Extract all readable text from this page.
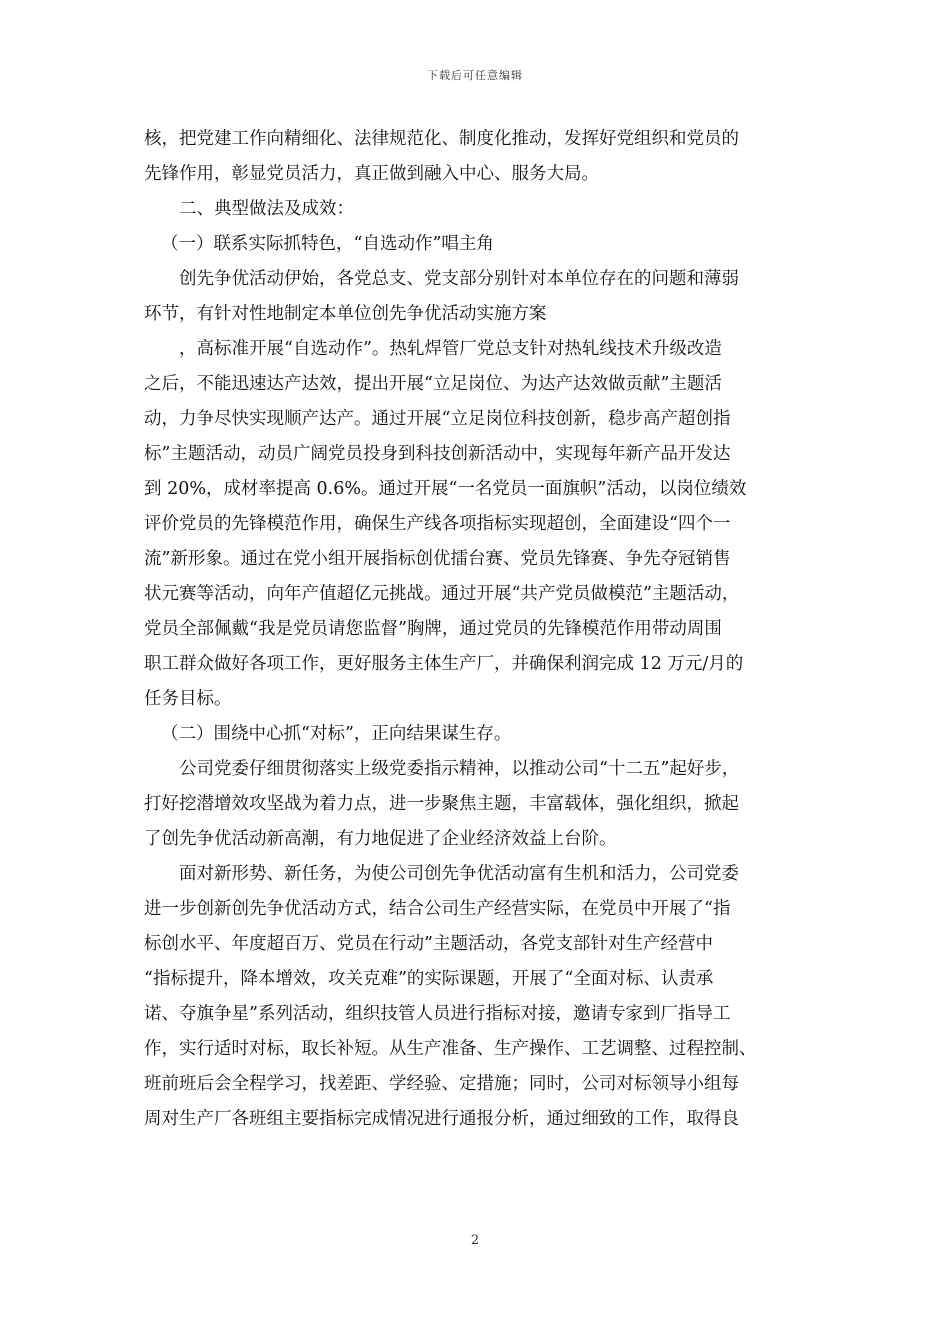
下载后可任意编辑

核，把党建工作向精细化、法律规范化、制度化推动，发挥好党组织和党员的

先锋作用，彰显党员活力，真正做到融入中心、服务大局。

二、典型做法及成效：

（一）联系实际抓特色，“自选动作”唱主角

创先争优活动伊始，各党总支、党支部分别针对本单位存在的问题和薄弱

环节，有针对性地制定本单位创先争优活动实施方案

，高标准开展“自选动作”。热轧焊管厂党总支针对热轧线技术升级改造

之后，不能迅速达产达效，提出开展“立足岗位、为达产达效做贡献”主题活

动，力争尽快实现顺产达产。通过开展“立足岗位科技创新，稳步高产超创指

标”主题活动，动员广阔党员投身到科技创新活动中，实现每年新产品开发达

到 20%，成材率提高 0.6%。通过开展“一名党员一面旗帜”活动，以岗位绩效

评价党员的先锋模范作用，确保生产线各项指标实现超创，全面建设“四个一

流”新形象。通过在党小组开展指标创优擂台赛、党员先锋赛、争先夺冠销售

状元赛等活动，向年产值超亿元挑战。通过开展“共产党员做模范”主题活动，

党员全部佩戴“我是党员请您监督”胸牌，通过党员的先锋模范作用带动周围

职工群众做好各项工作，更好服务主体生产厂，并确保利润完成 12 万元/月的

任务目标。

（二）围绕中心抓“对标”，正向结果谋生存。

公司党委仔细贯彻落实上级党委指示精神，以推动公司“十二五”起好步，

打好挖潜增效攻坚战为着力点，进一步聚焦主题，丰富载体，强化组织，掀起

了创先争优活动新高潮，有力地促进了企业经济效益上台阶。

面对新形势、新任务，为使公司创先争优活动富有生机和活力，公司党委

进一步创新创先争优活动方式，结合公司生产经营实际，在党员中开展了“指

标创水平、年度超百万、党员在行动”主题活动，各党支部针对生产经营中

“指标提升，降本增效，攻关克难”的实际课题，开展了“全面对标、认责承

诺、夺旗争星”系列活动，组织技管人员进行指标对接，邀请专家到厂指导工

作，实行适时对标，取长补短。从生产准备、生产操作、工艺调整、过程控制、

班前班后会全程学习，找差距、学经验、定措施；同时，公司对标领导小组每

周对生产厂各班组主要指标完成情况进行通报分析，通过细致的工作，取得良

2
